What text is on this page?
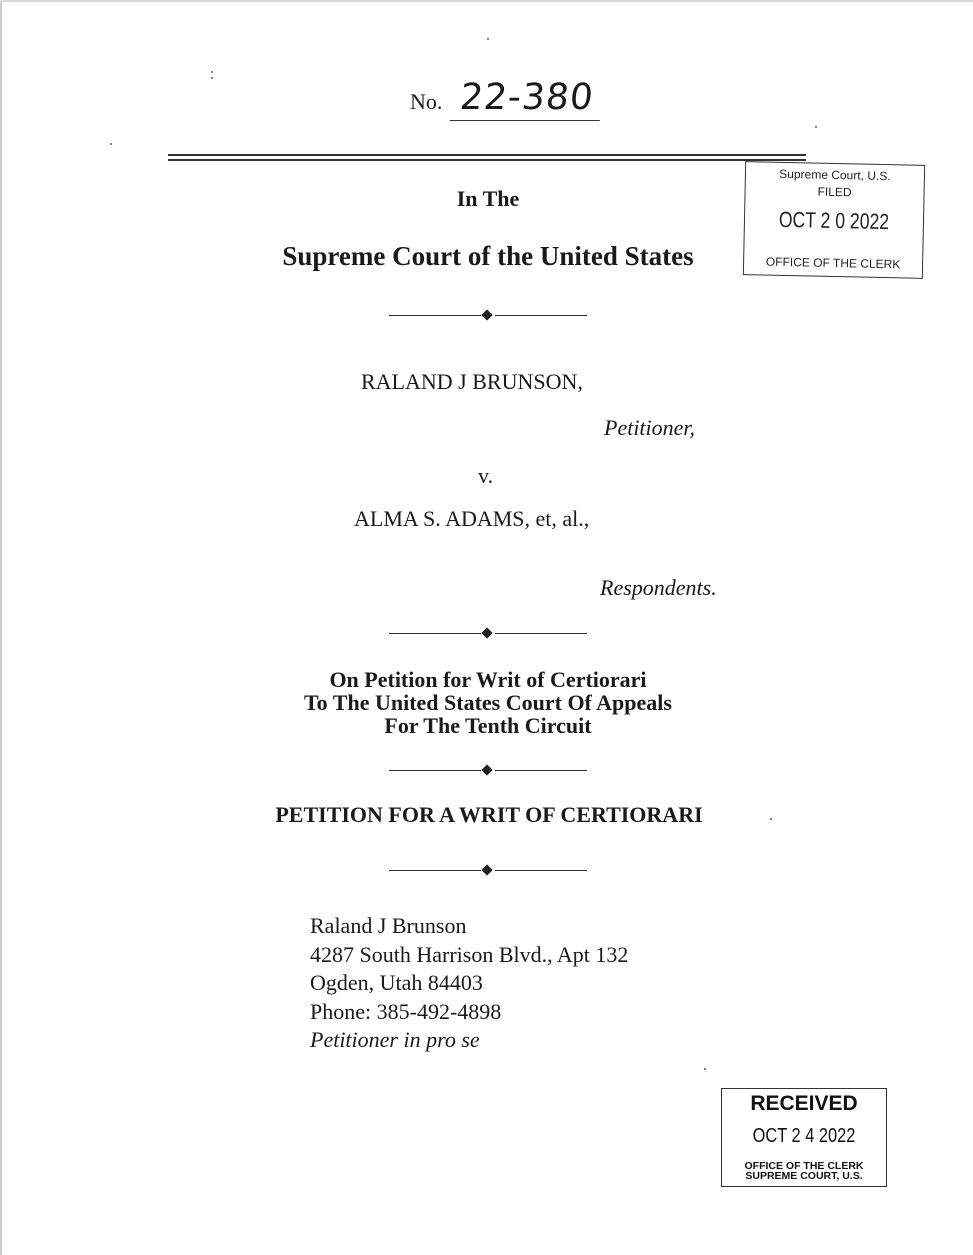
No. 22-380
In The
Supreme Court of the United States
Supreme Court, U.S.
FILED
OCT 2 0 2022
OFFICE OF THE CLERK
RALAND J BRUNSON,
Petitioner,
v.
ALMA S. ADAMS, et, al.,
Respondents.
On Petition for Writ of Certiorari
To The United States Court Of Appeals
For The Tenth Circuit
PETITION FOR A WRIT OF CERTIORARI
Raland J Brunson
4287 South Harrison Blvd., Apt 132
Ogden, Utah 84403
Phone: 385-492-4898
Petitioner in pro se
RECEIVED
OCT 2 4 2022
OFFICE OF THE CLERK
SUPREME COURT, U.S.
